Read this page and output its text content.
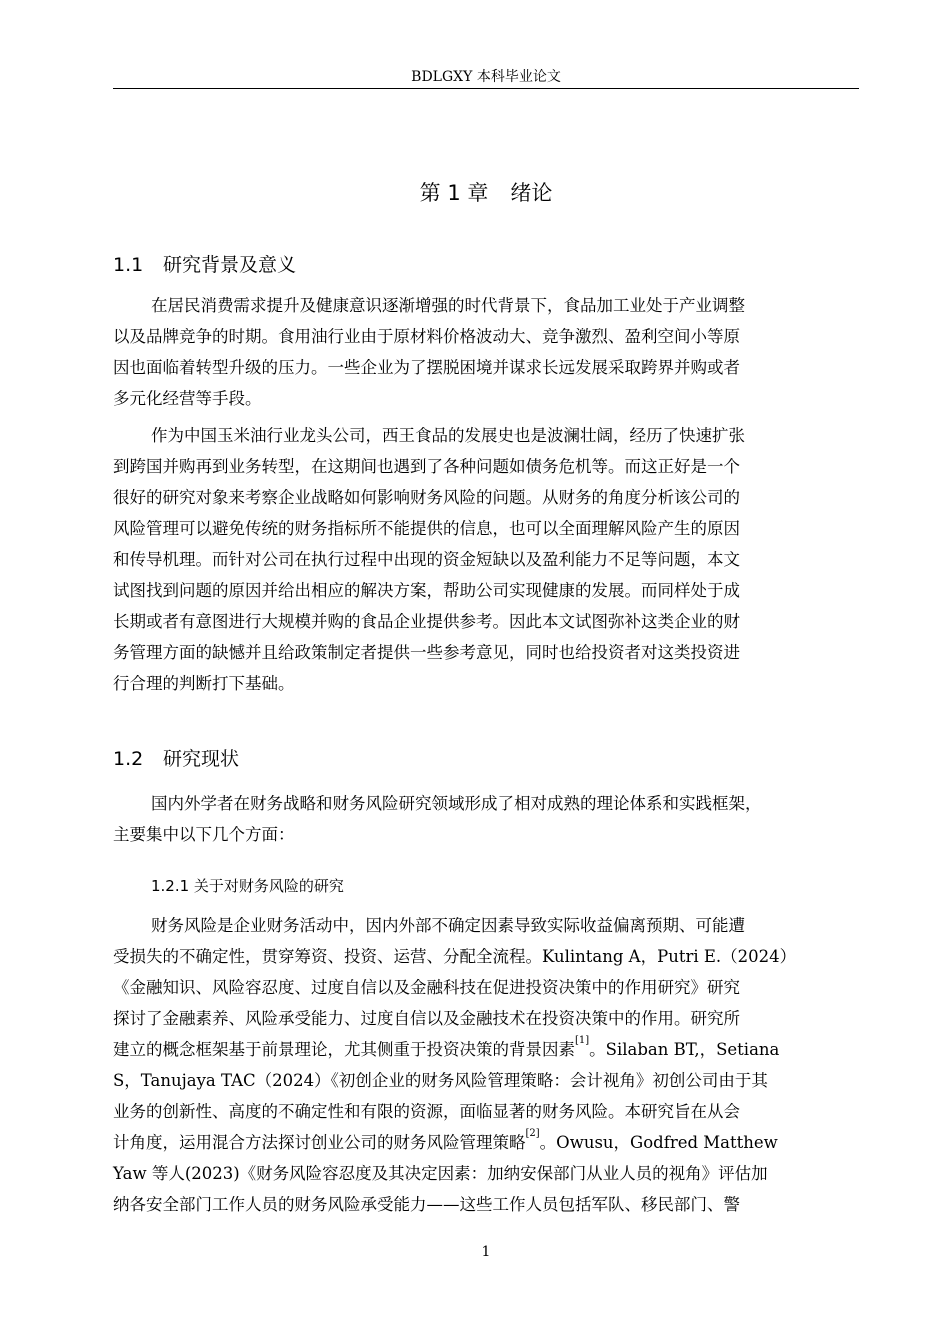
BDLGXY 本科毕业论文
第 1 章 绪论
1.1 研究背景及意义
在居民消费需求提升及健康意识逐渐增强的时代背景下，食品加工业处于产业调整
以及品牌竞争的时期。食用油行业由于原材料价格波动大、竞争激烈、盈利空间小等原
因也面临着转型升级的压力。一些企业为了摆脱困境并谋求长远发展采取跨界并购或者
多元化经营等手段。
作为中国玉米油行业龙头公司，西王食品的发展史也是波澜壮阔，经历了快速扩张
到跨国并购再到业务转型，在这期间也遇到了各种问题如债务危机等。而这正好是一个
很好的研究对象来考察企业战略如何影响财务风险的问题。从财务的角度分析该公司的
风险管理可以避免传统的财务指标所不能提供的信息，也可以全面理解风险产生的原因
和传导机理。而针对公司在执行过程中出现的资金短缺以及盈利能力不足等问题，本文
试图找到问题的原因并给出相应的解决方案，帮助公司实现健康的发展。而同样处于成
长期或者有意图进行大规模并购的食品企业提供参考。因此本文试图弥补这类企业的财
务管理方面的缺憾并且给政策制定者提供一些参考意见，同时也给投资者对这类投资进
行合理的判断打下基础。
1.2 研究现状
国内外学者在财务战略和财务风险研究领域形成了相对成熟的理论体系和实践框架，
主要集中以下几个方面：
1.2.1 关于对财务风险的研究
财务风险是企业财务活动中，因内外部不确定因素导致实际收益偏离预期、可能遭
受损失的不确定性，贯穿筹资、投资、运营、分配全流程。Kulintang A，Putri E.（2024）
《金融知识、风险容忍度、过度自信以及金融科技在促进投资决策中的作用研究》研究
探讨了金融素养、风险承受能力、过度自信以及金融技术在投资决策中的作用。研究所
建立的概念框架基于前景理论，尤其侧重于投资决策的背景因素[1]。Silaban BT,，Setiana
S，Tanujaya TAC（2024）《初创企业的财务风险管理策略：会计视角》初创公司由于其
业务的创新性、高度的不确定性和有限的资源，面临显著的财务风险。本研究旨在从会
计角度，运用混合方法探讨创业公司的财务风险管理策略[2]。Owusu，Godfred Matthew
Yaw 等人(2023)《财务风险容忍度及其决定因素：加纳安保部门从业人员的视角》评估加
纳各安全部门工作人员的财务风险承受能力——这些工作人员包括军队、移民部门、警
1
